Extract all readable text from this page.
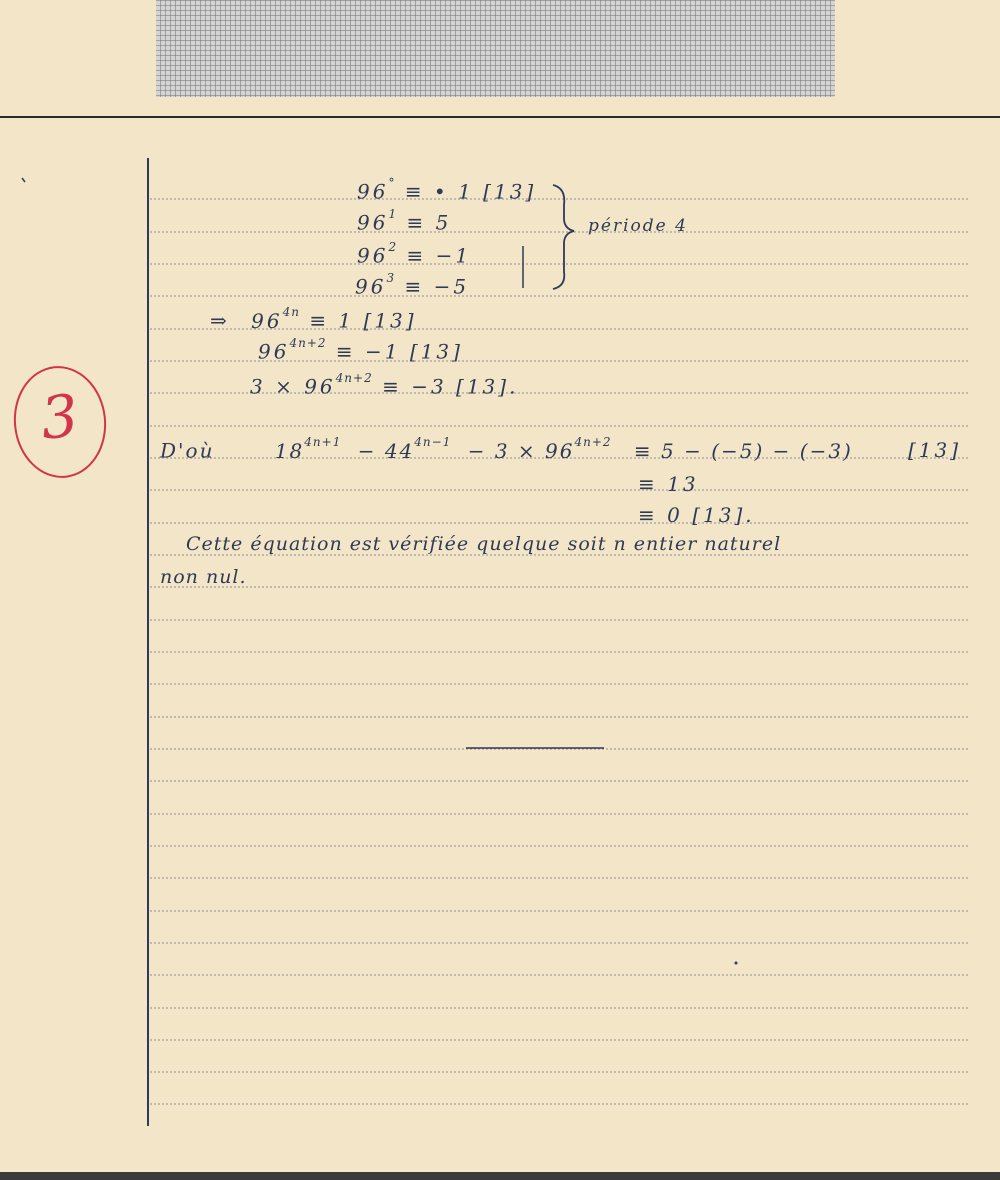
3
96° ≡ • 1 [13]
$96^1 \equiv 5$
$96^2 \equiv -1$
$96^3 \equiv -5$
période 4
⇒ $96^{4n} \equiv 1$ [13]
$96^{4n+2} \equiv -1$ [13]
$3 \times 96^{4n+2} \equiv -3$ [13].
D'où	$18^{4n+1} - 44^{4n-1} - 3 \times 96^{4n+2} \equiv 5 - (-5) - (-3)$	[13]
≡ 13
≡ 0 [13].
Cette équation est vérifiée quelque soit n entier naturel
non nul.
